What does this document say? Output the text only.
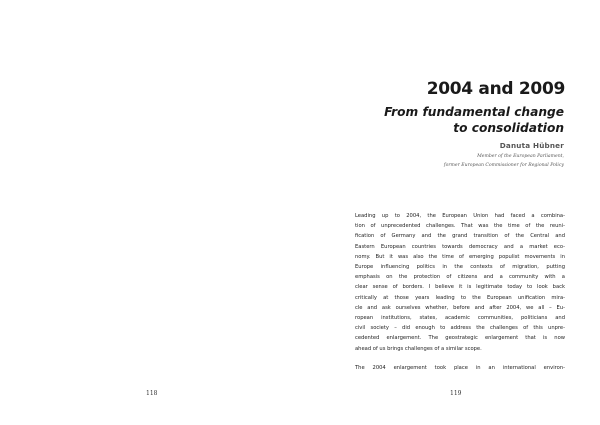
118
2004 and 2009
From fundamental change
to consolidation
Danuta Hübner
Member of the European Parliament,
former European Commissioner for Regional Policy

Leading up to 2004, the European Union had faced a combina-
tion of unprecedented challenges. That was the time of the reuni-
fication of Germany and the grand transition of the Central and
Eastern European countries towards democracy and a market eco-
nomy. But it was also the time of emerging populist movements in
Europe influencing politics in the contexts of migration, putting
emphasis on the protection of citizens and a community with a
clear sense of borders. I believe it is legitimate today to look back
critically at those years leading to the European unification mira-
cle and ask ourselves whether, before and after 2004, we all – Eu-
ropean institutions, states, academic communities, politicians and
civil society – did enough to address the challenges of this unpre-
cedented enlargement. The geostrategic enlargement that is now
ahead of us brings challenges of a similar scope.

The 2004 enlargement took place in an international environ-

119
